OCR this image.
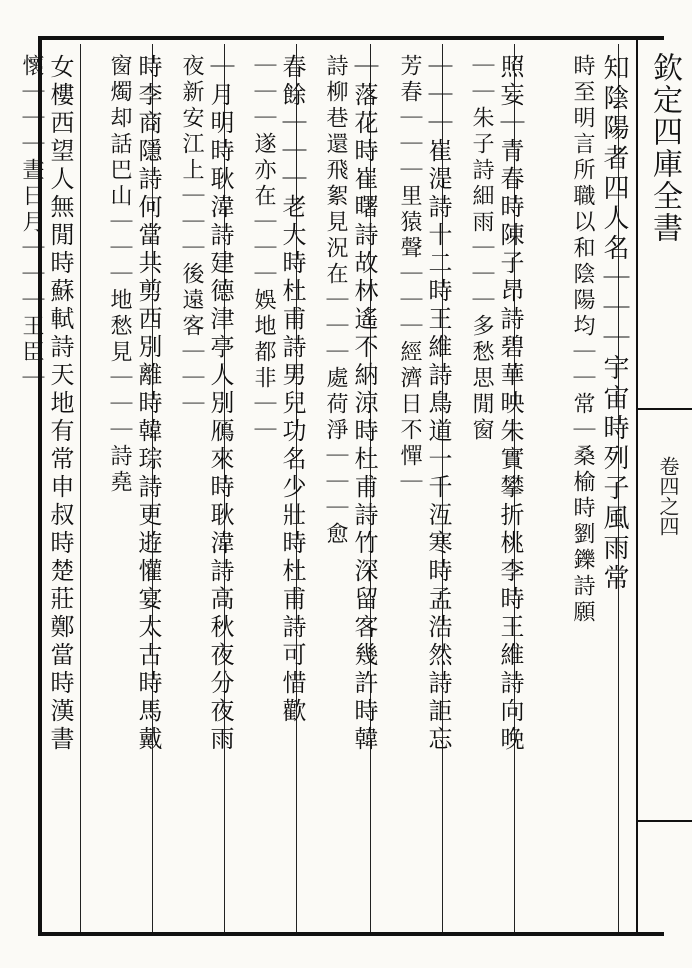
欽定四庫全書
卷四之四
知陰陽者四人名｜｜｜宇宙時列子風雨常
時至明言所職以和陰陽均｜｜常｜桑榆時劉鑠詩願
照妄｜青春時陳子昂詩碧華映朱實攀折桃李時王維詩向晚
｜｜朱子詩細雨｜｜｜多愁思閒窗
｜｜｜崔湜詩十二時王維詩鳥道一千沍寒時孟浩然詩詎忘
芳春｜｜｜里猿聲｜｜｜經濟日不憚｜
｜落花時崔曙詩故林遙不納涼時杜甫詩竹深留客幾許時韓
詩柳巷還飛絮見況在｜｜｜處荷淨｜｜｜愈
春餘｜｜｜老大時杜甫詩男兒功名少壯時杜甫詩可惜歡
｜｜｜遂亦在｜｜｜娛地都非｜｜
｜月明時耿湋詩建德津亭人別鴈來時耿湋詩高秋夜分夜雨
夜新安江上｜｜｜後遠客｜｜｜
時李商隱詩何當共剪西別離時韓琮詩更逰懽宴太古時馬戴
窗燭却話巴山｜｜｜地愁見｜｜｜詩堯
女樓西望人無閒時蘇軾詩天地有常申叔時楚莊鄭當時漢書
懷｜｜｜晝日月｜｜｜王臣｜
